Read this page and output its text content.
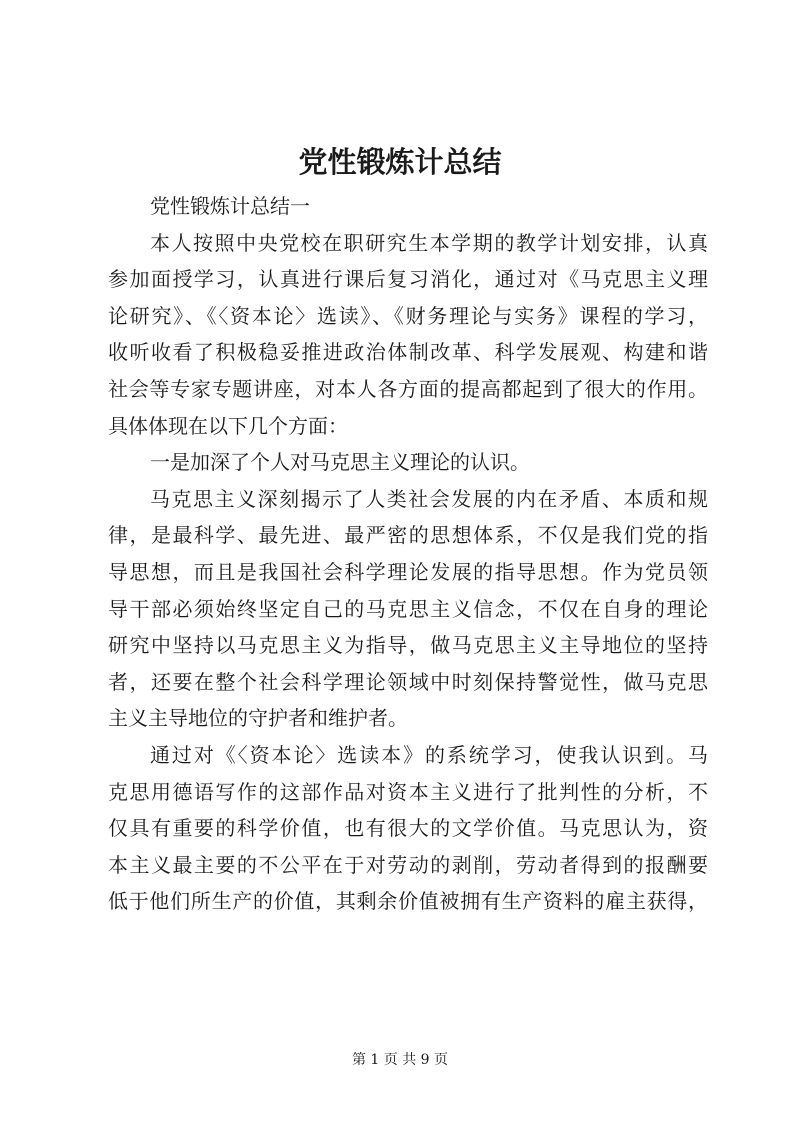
党性锻炼计总结
党性锻炼计总结一
本人按照中央党校在职研究生本学期的教学计划安排，认真
参加面授学习，认真进行课后复习消化，通过对《马克思主义理
论研究》、《〈资本论〉选读》、《财务理论与实务》课程的学习，
收听收看了积极稳妥推进政治体制改革、科学发展观、构建和谐
社会等专家专题讲座，对本人各方面的提高都起到了很大的作用。
具体体现在以下几个方面：
一是加深了个人对马克思主义理论的认识。
马克思主义深刻揭示了人类社会发展的内在矛盾、本质和规
律，是最科学、最先进、最严密的思想体系，不仅是我们党的指
导思想，而且是我国社会科学理论发展的指导思想。作为党员领
导干部必须始终坚定自己的马克思主义信念，不仅在自身的理论
研究中坚持以马克思主义为指导，做马克思主义主导地位的坚持
者，还要在整个社会科学理论领域中时刻保持警觉性，做马克思
主义主导地位的守护者和维护者。
通过对《〈资本论〉选读本》的系统学习，使我认识到。马
克思用德语写作的这部作品对资本主义进行了批判性的分析，不
仅具有重要的科学价值，也有很大的文学价值。马克思认为，资
本主义最主要的不公平在于对劳动的剥削，劳动者得到的报酬要
低于他们所生产的价值，其剩余价值被拥有生产资料的雇主获得，
第 1 页 共 9 页
